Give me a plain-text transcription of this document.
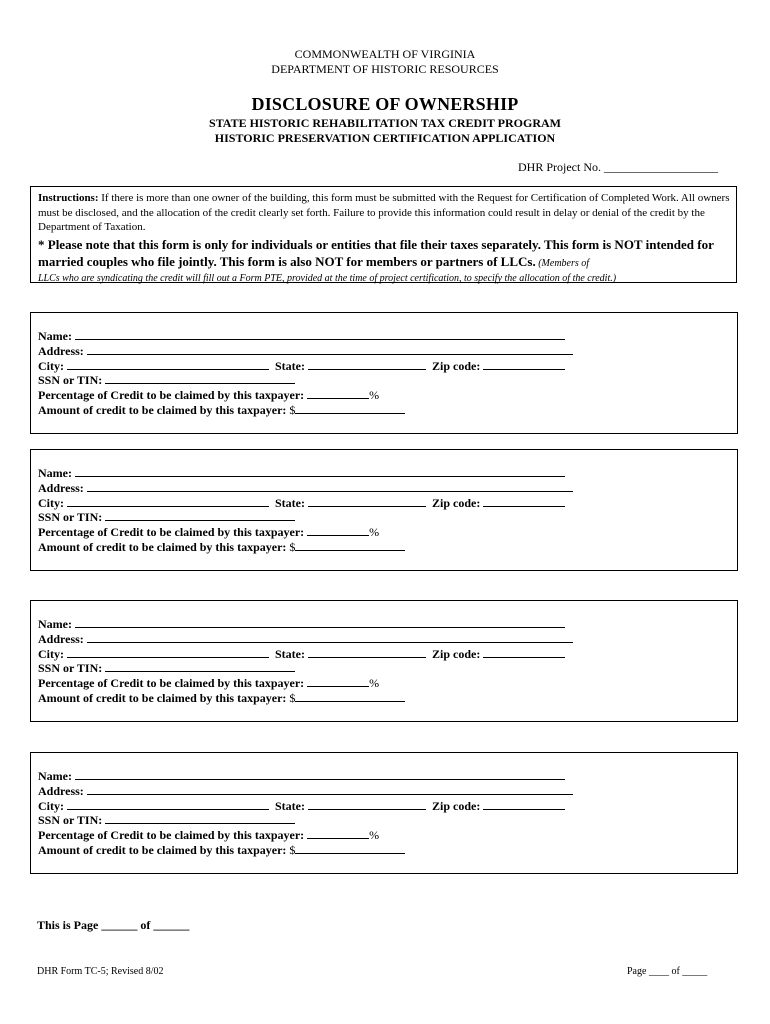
COMMONWEALTH OF VIRGINIA
DEPARTMENT OF HISTORIC RESOURCES
DISCLOSURE OF OWNERSHIP
STATE HISTORIC REHABILITATION TAX CREDIT PROGRAM
HISTORIC PRESERVATION CERTIFICATION APPLICATION
DHR Project No. ___________________
Instructions: If there is more than one owner of the building, this form must be submitted with the Request for Certification of Completed Work. All owners must be disclosed, and the allocation of the credit clearly set forth. Failure to provide this information could result in delay or denial of the credit by the Department of Taxation.
* Please note that this form is only for individuals or entities that file their taxes separately. This form is NOT intended for married couples who file jointly. This form is also NOT for members or partners of LLCs. (Members of
LLCs who are syndicating the credit will fill out a Form PTE, provided at the time of project certification, to specify the allocation of the credit.)
Name:
Address:
City:	State:	Zip code:
SSN or TIN:
Percentage of Credit to be claimed by this taxpayer:	%
Amount of credit to be claimed by this taxpayer: $
Name:
Address:
City:	State:	Zip code:
SSN or TIN:
Percentage of Credit to be claimed by this taxpayer:	%
Amount of credit to be claimed by this taxpayer: $
Name:
Address:
City:	State:	Zip code:
SSN or TIN:
Percentage of Credit to be claimed by this taxpayer:	%
Amount of credit to be claimed by this taxpayer: $
Name:
Address:
City:	State:	Zip code:
SSN or TIN:
Percentage of Credit to be claimed by this taxpayer:	%
Amount of credit to be claimed by this taxpayer: $
This is Page ______ of ______
DHR Form TC-5; Revised 8/02	Page ____ of _____
